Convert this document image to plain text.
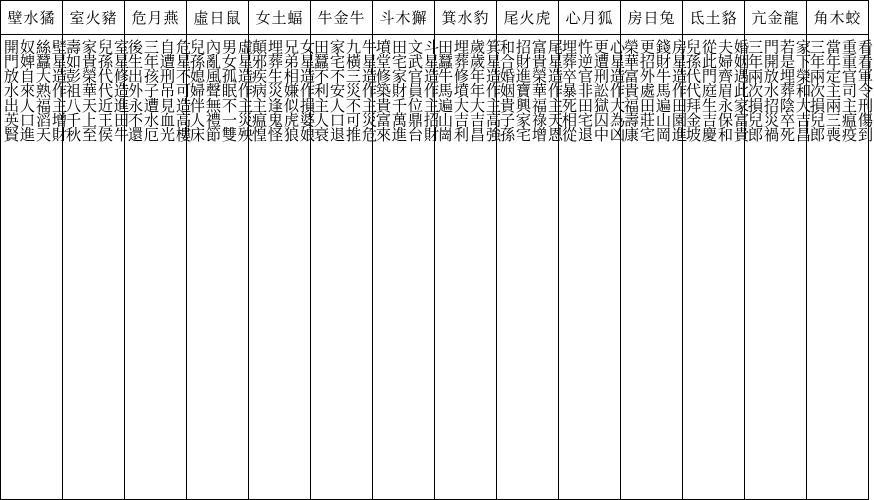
角木蛟
看看軍令刑傷到
重重官司主瘟疫
當年定主兩三喪
三年兩次損兒郎
亢金龍
家下榮和大吉昌
若是埋葬陰卒死
門開放水招災禍
三年兩次損兒郎
氐土貉
婚姻遇此家富貴
夫婦齊眉永保和
從此門庭生吉慶
兒孫代代拜金坡
房日兔
房星造作田園進
錢財牛馬遍山岡
更招外處田莊宅
榮華富貴福壽康
心月狐
心星造作大為凶
更遭刑訟獄囚中
忤逆官非田宅退
埋葬卒暴死相從
尾火虎
尾星造作主天恩
富貴榮華福祿增
招財進寶興家宅
和合婚姻貴子孫
箕水豹
箕星造作主高強
歲歲年年大吉昌
埋葬修墳大吉利
田蠶牛馬遍山崗
斗木獬
斗星造作主招財
文武官員位鼎台
田宅家財千萬進
墳堂修築貴富來
牛金牛
牛星造作主災危
九橫三災不可推
家宅不安人口退
田蠶不利主人衰
女土蝠
女星造作損婆娘
兄弟相嫌似虎狼
埋葬生災逢鬼怪
顛邪疾病主瘟惶
虛日鼠
虛星造作主災殃
男女孤眠不一雙
內亂風聲無禮節
兒孫媳婦伴人床
危月燕
危星不可造高樓
自遭刑吊見血光
三年孩子遭水厄
後生出外永不還
室火豬
室星修造進田牛
兒孫代代近王侯
家貴榮華天上至
壽如彭祖八千秋
壁水獝
壁星造作主增財
絲蠶大熟福滔天
奴婢自來人口進
開門放水出英賢
